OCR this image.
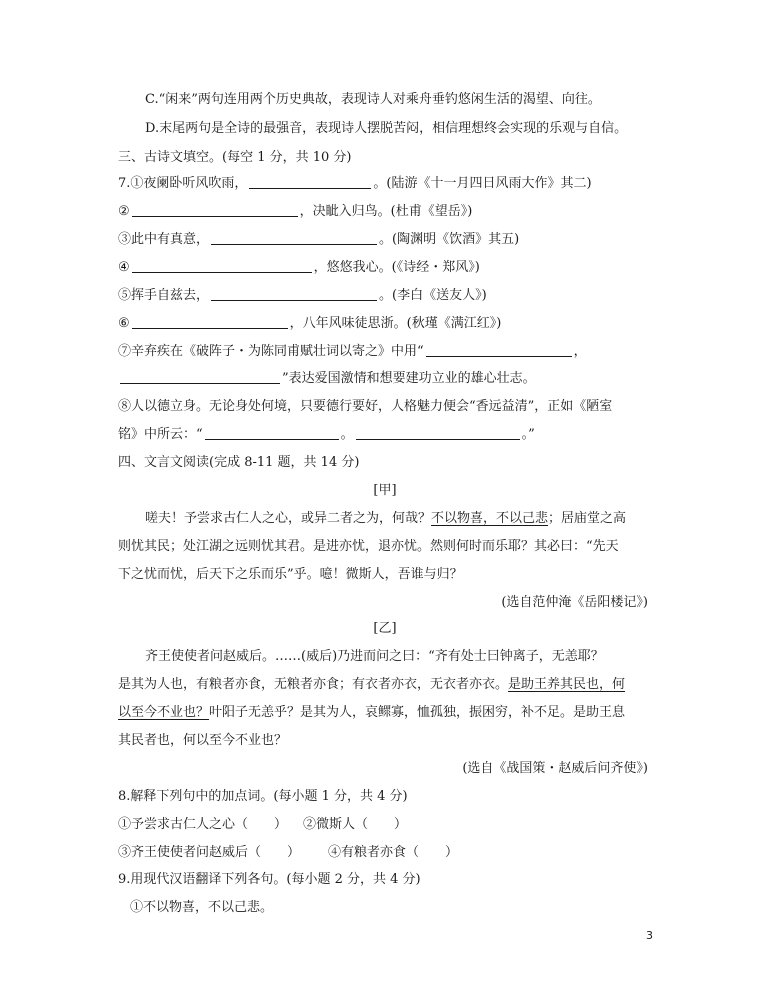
C.“闲来”两句连用两个历史典故，表现诗人对乘舟垂钓悠闲生活的渴望、向往。
D.末尾两句是全诗的最强音，表现诗人摆脱苦闷，相信理想终会实现的乐观与自信。
三、古诗文填空。(每空 1 分，共 10 分)
7.①夜阑卧听风吹雨，	。(陆游《十一月四日风雨大作》其二)
②	，决眦入归鸟。(杜甫《望岳》)
③此中有真意，	。(陶渊明《饮酒》其五)
④	，悠悠我心。(《诗经・郑风》)
⑤挥手自兹去，	。(李白《送友人》)
⑥	，八年风味徒思浙。(秋瑾《满江红》)
⑦辛弃疾在《破阵子・为陈同甫赋壮词以寄之》中用“	，
”表达爱国激情和想要建功立业的雄心壮志。
⑧人以德立身。无论身处何境，只要德行要好，人格魅力便会“香远益清”，正如《陋室
铭》中所云：“	。	。”
四、文言文阅读(完成 8-11 题，共 14 分)
[甲]
嗟夫！予尝求古仁人之心，或异二者之为，何哉？不以物喜，不以己悲；居庙堂之高
则忧其民；处江湖之远则忧其君。是进亦忧，退亦忧。然则何时而乐耶？其必曰：“先天
下之忧而忧，后天下之乐而乐”乎。噫！微斯人，吾谁与归？
(选自范仲淹《岳阳楼记》)
[乙]
齐王使使者问赵威后。……(威后)乃进而问之曰：“齐有处士曰钟离子，无恙耶？
是其为人也，有粮者亦食，无粮者亦食；有衣者亦衣，无衣者亦衣。是助王养其民也，何
以至今不业也？叶阳子无恙乎？是其为人，哀鳏寡，恤孤独，振困穷，补不足。是助王息
其民者也，何以至今不业也？
(选自《战国策・赵威后问齐使》)
8.解释下列句中的加点词。(每小题 1 分，共 4 分)
①予尝求古仁人之心（　　） ②微斯人（　　）
③齐王使使者问赵威后（　　） ④有粮者亦食（　　）
9.用现代汉语翻译下列各句。(每小题 2 分，共 4 分)
①不以物喜，不以己悲。
3
